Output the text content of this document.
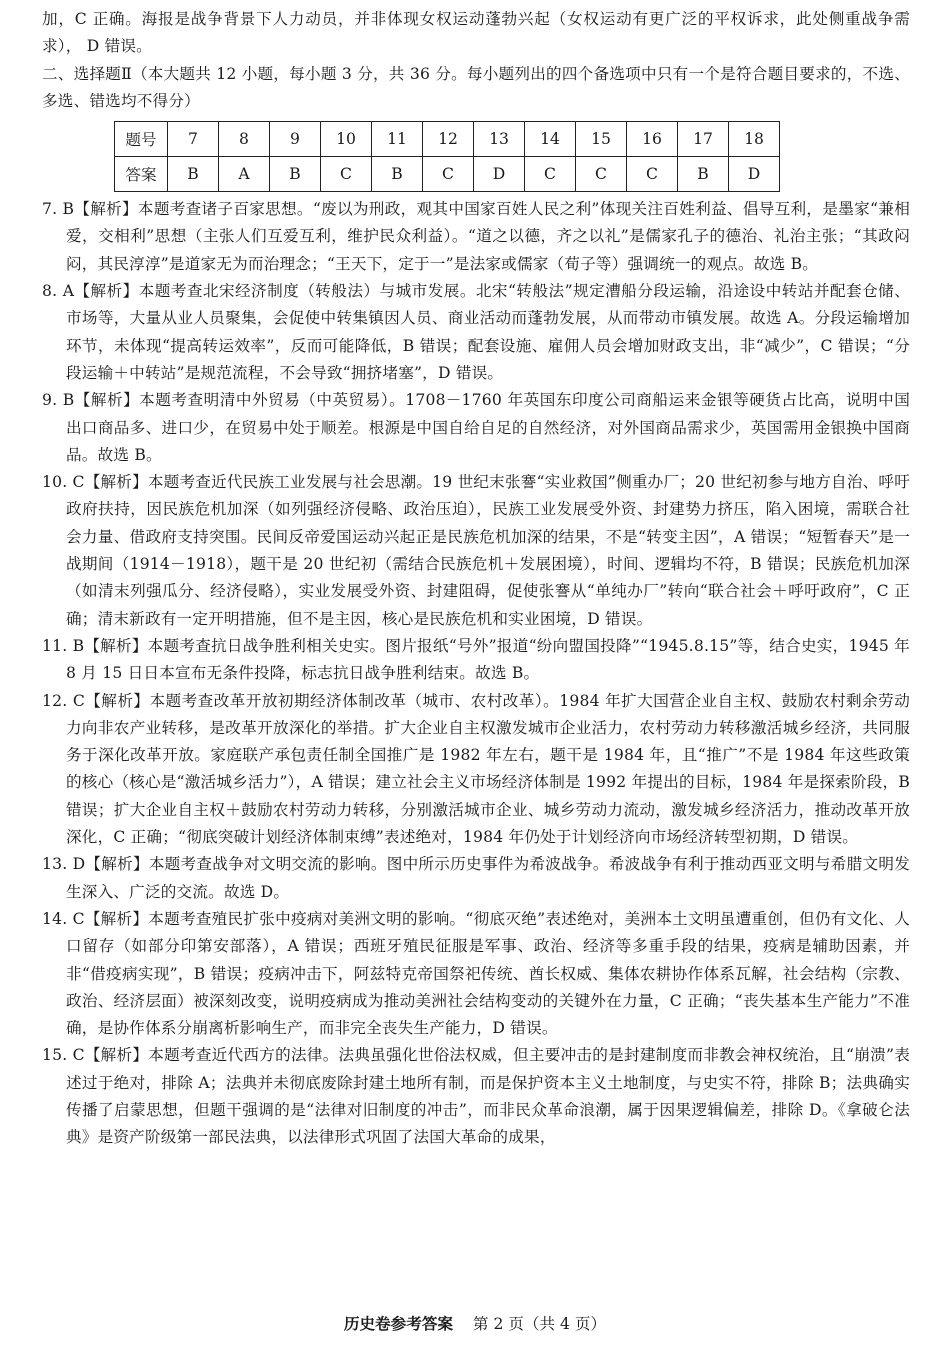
加，C 正确。海报是战争背景下人力动员，并非体现女权运动蓬勃兴起（女权运动有更广泛的平权诉求，此处侧重战争需求）， D 错误。

二、选择题Ⅱ（本大题共 12 小题，每小题 3 分，共 36 分。每小题列出的四个备选项中只有一个是符合题目要求的，不选、多选、错选均不得分）

题号	7	8	9	10	11	12	13	14	15	16	17	18
答案	B	A	B	C	B	C	D	C	C	C	B	D

7. B【解析】本题考查诸子百家思想。“废以为刑政，观其中国家百姓人民之利”体现关注百姓利益、倡导互利，是墨家“兼相爱，交相利”思想（主张人们互爱互利，维护民众利益）。“道之以德，齐之以礼”是儒家孔子的德治、礼治主张；“其政闷闷，其民淳淳”是道家无为而治理念；“王天下，定于一”是法家或儒家（荀子等）强调统一的观点。故选 B。

8. A【解析】本题考查北宋经济制度（转般法）与城市发展。北宋“转般法”规定漕船分段运输，沿途设中转站并配套仓储、市场等，大量从业人员聚集，会促使中转集镇因人员、商业活动而蓬勃发展，从而带动市镇发展。故选 A。分段运输增加环节，未体现“提高转运效率”，反而可能降低，B 错误；配套设施、雇佣人员会增加财政支出，非“减少”，C 错误；“分段运输＋中转站”是规范流程，不会导致“拥挤堵塞”，D 错误。

9. B【解析】本题考查明清中外贸易（中英贸易）。1708－1760 年英国东印度公司商船运来金银等硬货占比高，说明中国出口商品多、进口少，在贸易中处于顺差。根源是中国自给自足的自然经济，对外国商品需求少，英国需用金银换中国商品。故选 B。

10. C【解析】本题考查近代民族工业发展与社会思潮。19 世纪末张謇“实业救国”侧重办厂；20 世纪初参与地方自治、呼吁政府扶持，因民族危机加深（如列强经济侵略、政治压迫），民族工业发展受外资、封建势力挤压，陷入困境，需联合社会力量、借政府支持突围。民间反帝爱国运动兴起正是民族危机加深的结果，不是“转变主因”，A 错误；“短暂春天”是一战期间（1914－1918），题干是 20 世纪初（需结合民族危机＋发展困境），时间、逻辑均不符，B 错误；民族危机加深（如清末列强瓜分、经济侵略），实业发展受外资、封建阻碍，促使张謇从“单纯办厂”转向“联合社会＋呼吁政府”，C 正确；清末新政有一定开明措施，但不是主因，核心是民族危机和实业困境，D 错误。

11. B【解析】本题考查抗日战争胜利相关史实。图片报纸“号外”报道“纷向盟国投降”“1945.8.15”等，结合史实，1945 年 8 月 15 日日本宣布无条件投降，标志抗日战争胜利结束。故选 B。

12. C【解析】本题考查改革开放初期经济体制改革（城市、农村改革）。1984 年扩大国营企业自主权、鼓励农村剩余劳动力向非农产业转移，是改革开放深化的举措。扩大企业自主权激发城市企业活力，农村劳动力转移激活城乡经济，共同服务于深化改革开放。家庭联产承包责任制全国推广是 1982 年左右，题干是 1984 年，且“推广”不是 1984 年这些政策的核心（核心是“激活城乡活力”），A 错误；建立社会主义市场经济体制是 1992 年提出的目标，1984 年是探索阶段，B 错误；扩大企业自主权＋鼓励农村劳动力转移，分别激活城市企业、城乡劳动力流动，激发城乡经济活力，推动改革开放深化，C 正确；“彻底突破计划经济体制束缚”表述绝对，1984 年仍处于计划经济向市场经济转型初期，D 错误。

13. D【解析】本题考查战争对文明交流的影响。图中所示历史事件为希波战争。希波战争有利于推动西亚文明与希腊文明发生深入、广泛的交流。故选 D。

14. C【解析】本题考查殖民扩张中疫病对美洲文明的影响。“彻底灭绝”表述绝对，美洲本土文明虽遭重创，但仍有文化、人口留存（如部分印第安部落），A 错误；西班牙殖民征服是军事、政治、经济等多重手段的结果，疫病是辅助因素，并非“借疫病实现”，B 错误；疫病冲击下，阿兹特克帝国祭祀传统、酋长权威、集体农耕协作体系瓦解，社会结构（宗教、政治、经济层面）被深刻改变，说明疫病成为推动美洲社会结构变动的关键外在力量，C 正确；“丧失基本生产能力”不准确，是协作体系分崩离析影响生产，而非完全丧失生产能力，D 错误。

15. C【解析】本题考查近代西方的法律。法典虽强化世俗法权威，但主要冲击的是封建制度而非教会神权统治，且“崩溃”表述过于绝对，排除 A；法典并未彻底废除封建土地所有制，而是保护资本主义土地制度，与史实不符，排除 B；法典确实传播了启蒙思想，但题干强调的是“法律对旧制度的冲击”，而非民众革命浪潮，属于因果逻辑偏差，排除 D。《拿破仑法典》是资产阶级第一部民法典，以法律形式巩固了法国大革命的成果，

历史卷参考答案 第 2 页（共 4 页）
